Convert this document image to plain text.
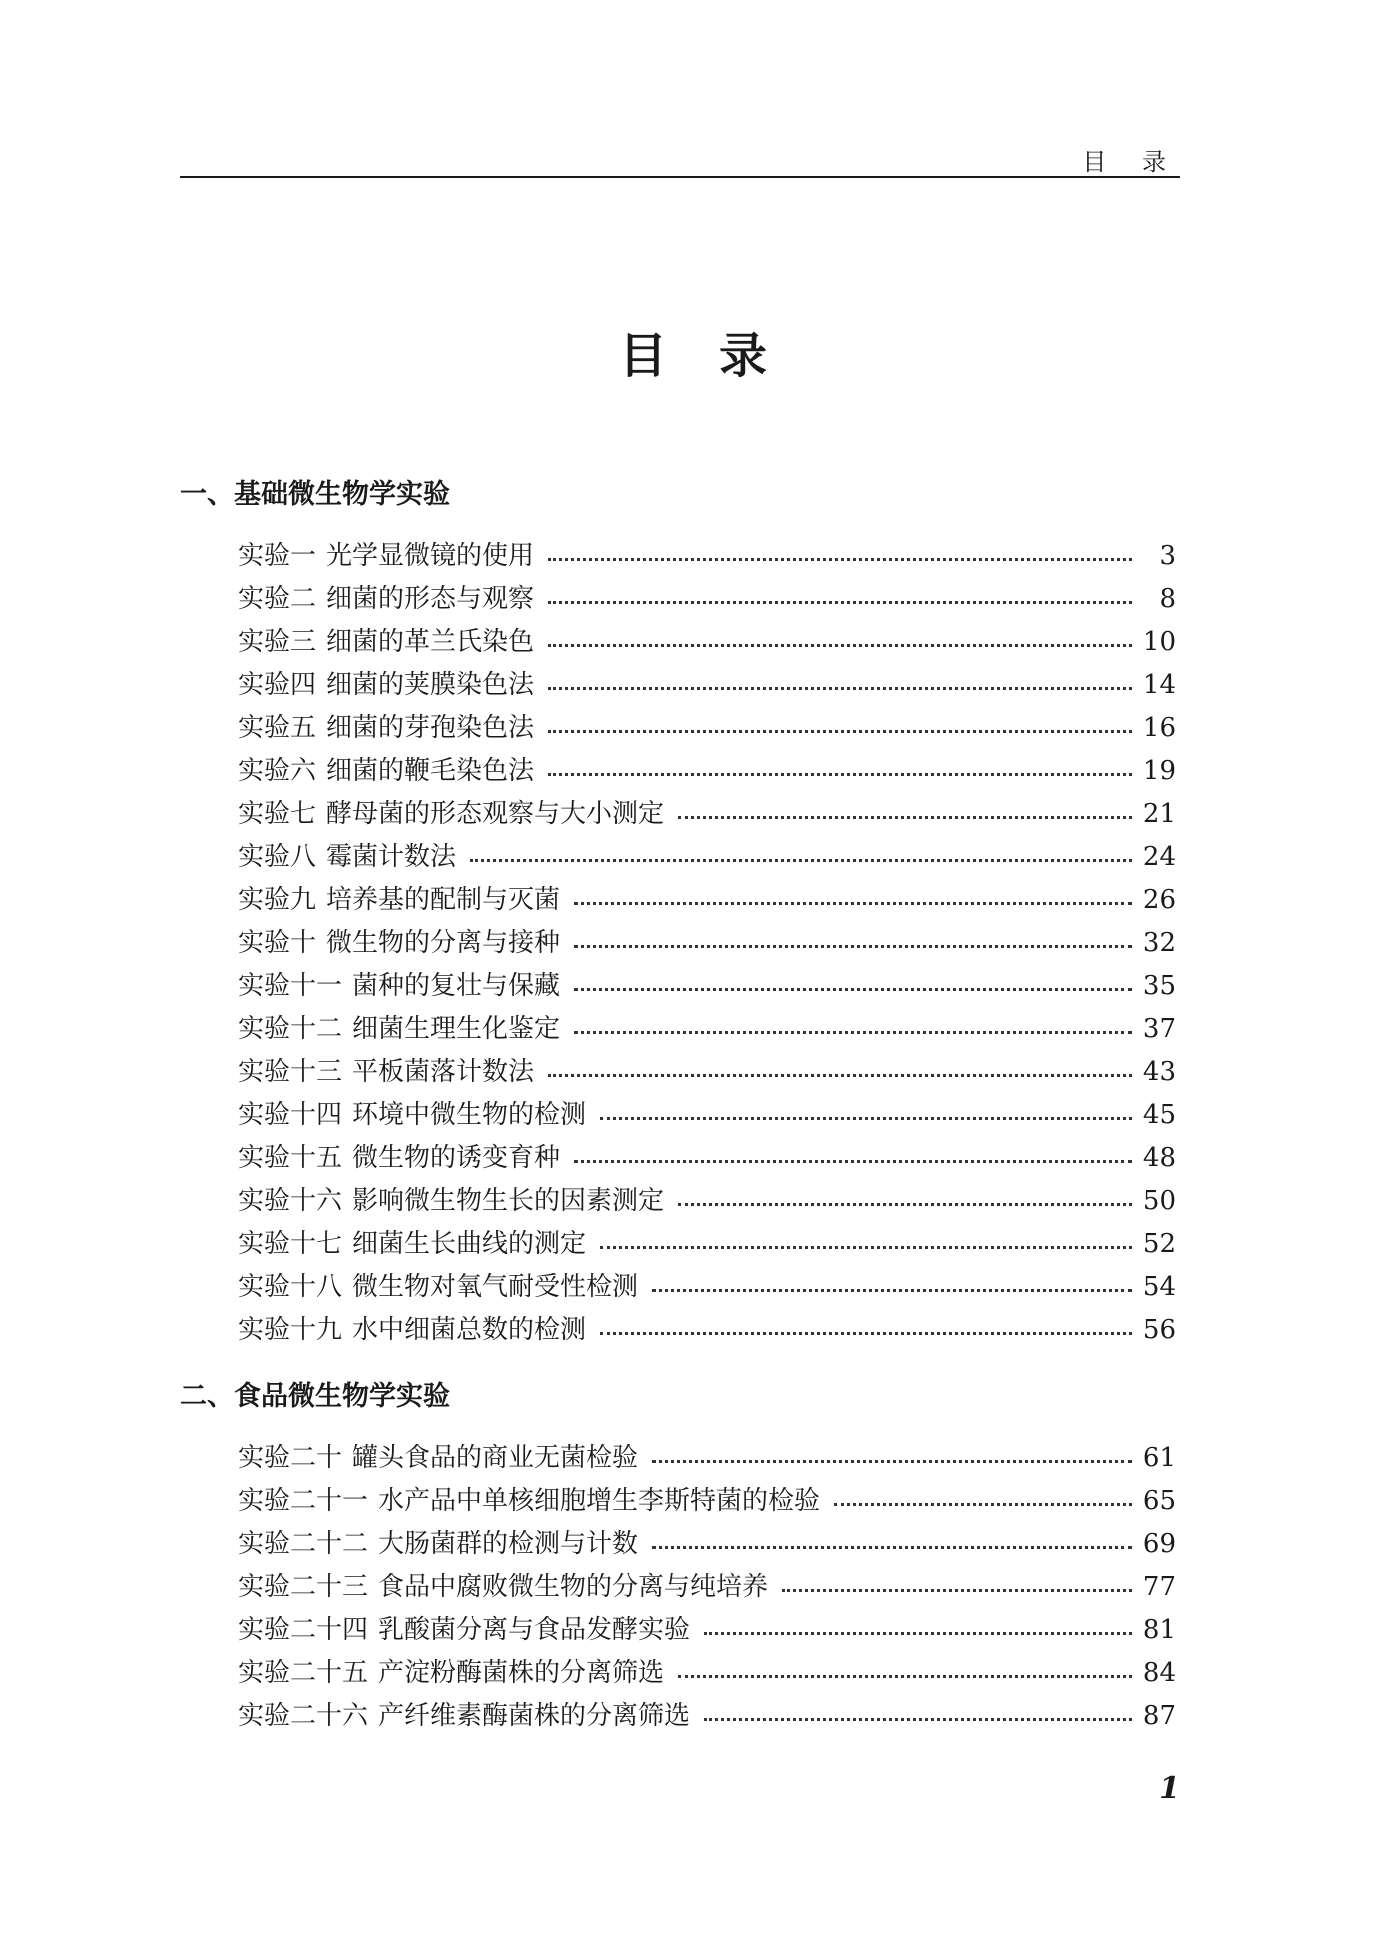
目 录
目录
一、基础微生物学实验
实验一 光学显微镜的使用	3
实验二 细菌的形态与观察	8
实验三 细菌的革兰氏染色	10
实验四 细菌的荚膜染色法	14
实验五 细菌的芽孢染色法	16
实验六 细菌的鞭毛染色法	19
实验七 酵母菌的形态观察与大小测定	21
实验八 霉菌计数法	24
实验九 培养基的配制与灭菌	26
实验十 微生物的分离与接种	32
实验十一 菌种的复壮与保藏	35
实验十二 细菌生理生化鉴定	37
实验十三 平板菌落计数法	43
实验十四 环境中微生物的检测	45
实验十五 微生物的诱变育种	48
实验十六 影响微生物生长的因素测定	50
实验十七 细菌生长曲线的测定	52
实验十八 微生物对氧气耐受性检测	54
实验十九 水中细菌总数的检测	56
二、食品微生物学实验
实验二十 罐头食品的商业无菌检验	61
实验二十一 水产品中单核细胞增生李斯特菌的检验	65
实验二十二 大肠菌群的检测与计数	69
实验二十三 食品中腐败微生物的分离与纯培养	77
实验二十四 乳酸菌分离与食品发酵实验	81
实验二十五 产淀粉酶菌株的分离筛选	84
实验二十六 产纤维素酶菌株的分离筛选	87
1
